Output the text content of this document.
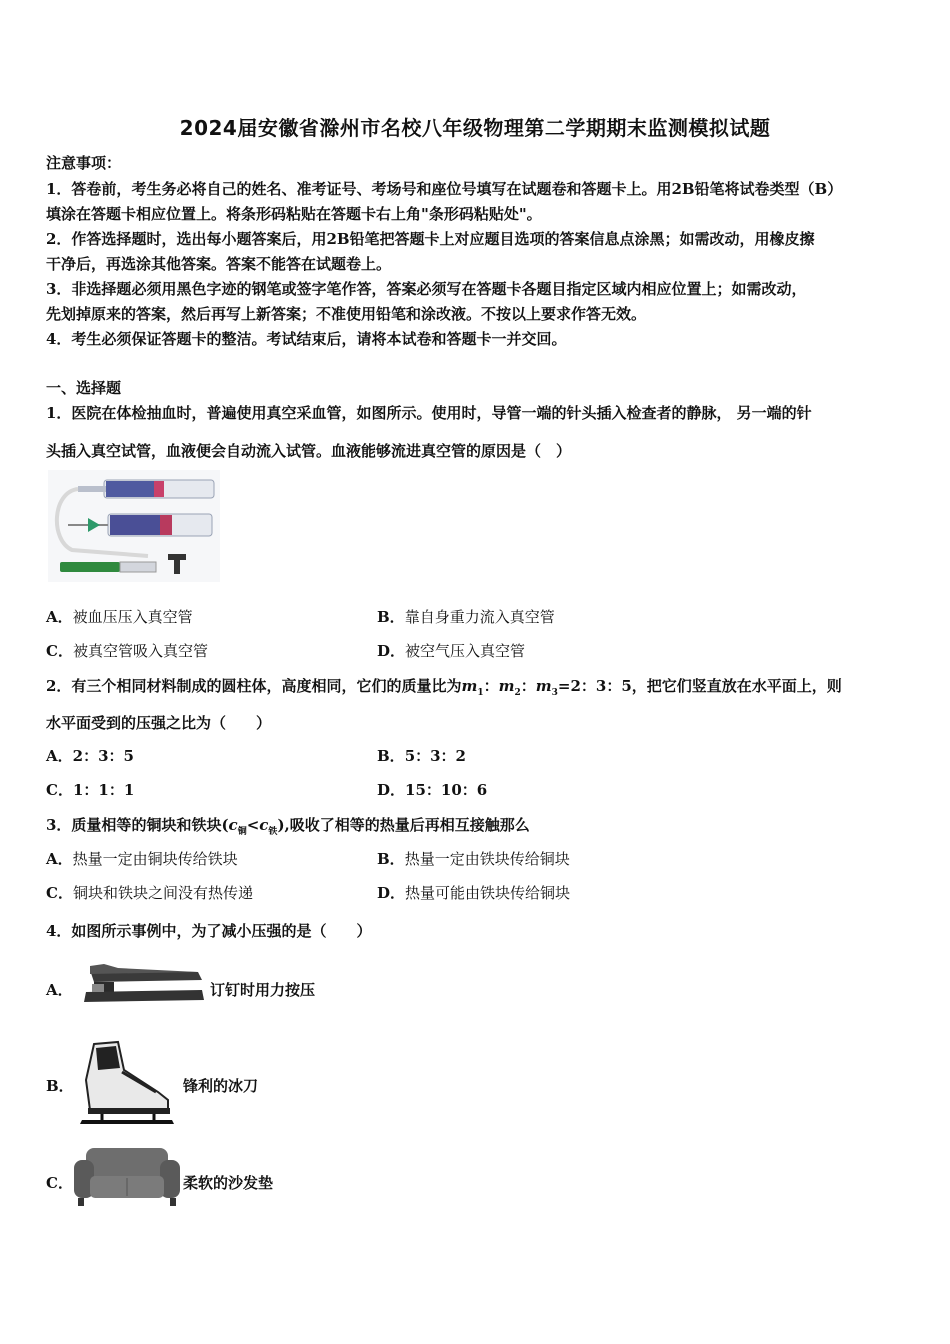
2024届安徽省滁州市名校八年级物理第二学期期末监测模拟试题
注意事项：
1．答卷前，考生务必将自己的姓名、准考证号、考场号和座位号填写在试题卷和答题卡上。用2B铅笔将试卷类型（B）
填涂在答题卡相应位置上。将条形码粘贴在答题卡右上角"条形码粘贴处"。
2．作答选择题时，选出每小题答案后，用2B铅笔把答题卡上对应题目选项的答案信息点涂黑；如需改动，用橡皮擦
干净后，再选涂其他答案。答案不能答在试题卷上。
3．非选择题必须用黑色字迹的钢笔或签字笔作答，答案必须写在答题卡各题目指定区域内相应位置上；如需改动，
先划掉原来的答案，然后再写上新答案；不准使用铅笔和涂改液。不按以上要求作答无效。
4．考生必须保证答题卡的整洁。考试结束后，请将本试卷和答题卡一并交回。
一、选择题
1．医院在体检抽血时，普遍使用真空采血管，如图所示。使用时，导管一端的针头插入检查者的静脉， 另一端的针
头插入真空试管，血液便会自动流入试管。血液能够流进真空管的原因是（　）
A．被血压压入真空管	B．靠自身重力流入真空管
C．被真空管吸入真空管	D．被空气压入真空管
2．有三个相同材料制成的圆柱体，高度相同，它们的质量比为$m_1$：$m_2$：$m_3=2$：3：5，把它们竖直放在水平面上，则
水平面受到的压强之比为（　　）
A．2：3：5	B．5：3：2
C．1：1：1	D．15：10：6
3．质量相等的铜块和铁块$(c_铜<c_铁)$,吸收了相等的热量后再相互接触那么
A．热量一定由铜块传给铁块	B．热量一定由铁块传给铜块
C．铜块和铁块之间没有热传递	D．热量可能由铁块传给铜块
4．如图所示事例中，为了减小压强的是（　　）
A．	订钉时用力按压
B．	锋利的冰刀
C．	柔软的沙发垫
